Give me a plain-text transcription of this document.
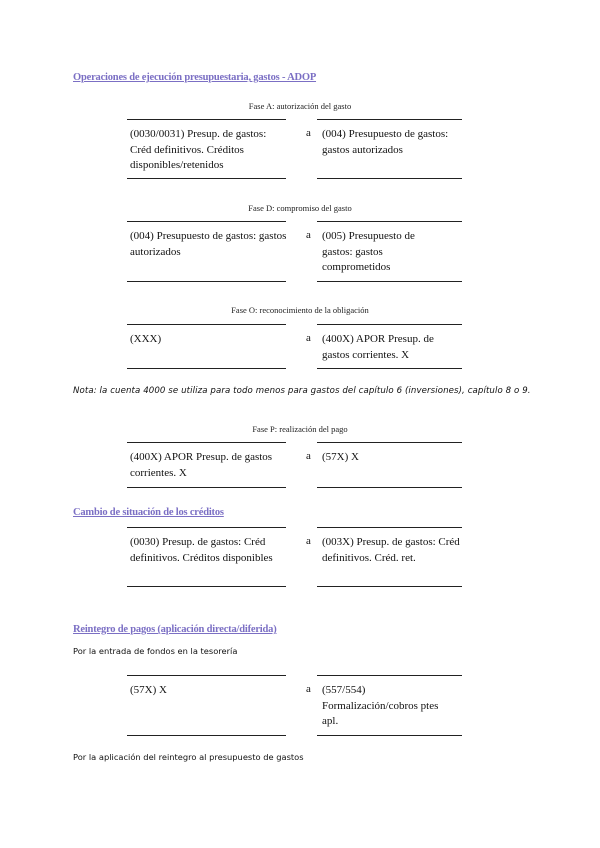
Operaciones de ejecución presupuestaria, gastos - ADOP
Fase A: autorización del gasto
(0030/0031) Presup. de gastos: Créd definitivos. Créditos disponibles/retenidos
a (004) Presupuesto de gastos: gastos autorizados
Fase D: compromiso del gasto
(004) Presupuesto de gastos: gastos autorizados
a (005) Presupuesto de gastos: gastos comprometidos
Fase O: reconocimiento de la obligación
(XXX)	a (400X) APOR Presup. de gastos corrientes. X
Nota: la cuenta 4000 se utiliza para todo menos para gastos del capítulo 6 (inversiones), capítulo 8 o 9.
Fase P: realización del pago
(400X) APOR Presup. de gastos corrientes. X
a (57X) X
Cambio de situación de los créditos
(0030) Presup. de gastos: Créd definitivos. Créditos disponibles
a (003X) Presup. de gastos: Créd definitivos. Créd. ret.
Reintegro de pagos (aplicación directa/diferida)
Por la entrada de fondos en la tesorería
(57X) X	a (557/554) Formalización/cobros ptes apl.
Por la aplicación del reintegro al presupuesto de gastos
